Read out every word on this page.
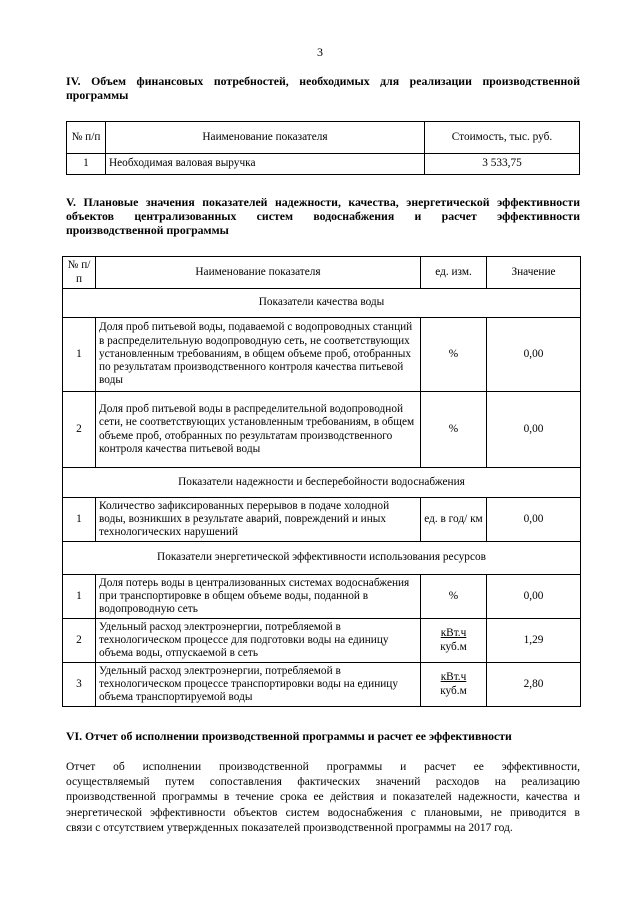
3
IV. Объем финансовых потребностей, необходимых для реализации производственной
программы
№ п/п	Наименование показателя	Стоимость, тыс. руб.
1	Необходимая валовая выручка	3 533,75
V. Плановые значения показателей надежности, качества, энергетической эффективности
объектов централизованных систем водоснабжения и расчет эффективности
производственной программы
№ п/п	Наименование показателя	ед. изм.	Значение
Показатели качества воды			
1	Доля проб питьевой воды, подаваемой с водопроводных станций в распределительную водопроводную сеть, не соответствующих установленным требованиям, в общем объеме проб, отобранных по результатам производственного контроля качества питьевой воды	%	0,00
2	Доля проб питьевой воды в распределительной водопроводной сети, не соответствующих установленным требованиям, в общем объеме проб, отобранных по результатам производственного контроля качества питьевой воды	%	0,00
Показатели надежности и бесперебойности водоснабжения			
1	Количество зафиксированных перерывов в подаче холодной воды, возникших в результате аварий, повреждений и иных технологических нарушений	ед. в год/ км	0,00
Показатели энергетической эффективности использования ресурсов			
1	Доля потерь воды в централизованных системах водоснабжения при транспортировке в общем объеме воды, поданной в водопроводную сеть	%	0,00
2	Удельный расход электроэнергии, потребляемой в технологическом процессе для подготовки воды на единицу объема воды, отпускаемой в сеть	кВт.ч
куб.м	1,29
3	Удельный расход электроэнергии, потребляемой в технологическом процессе транспортировки воды на единицу объема транспортируемой воды	кВт.ч
куб.м	2,80
VI. Отчет об исполнении производственной программы и расчет ее эффективности
Отчет об исполнении производственной программы и расчет ее эффективности,
осуществляемый путем сопоставления фактических значений расходов на реализацию
производственной программы в течение срока ее действия и показателей надежности, качества и
энергетической эффективности объектов систем водоснабжения с плановыми, не приводится в
связи с отсутствием утвержденных показателей производственной программы на 2017 год.
